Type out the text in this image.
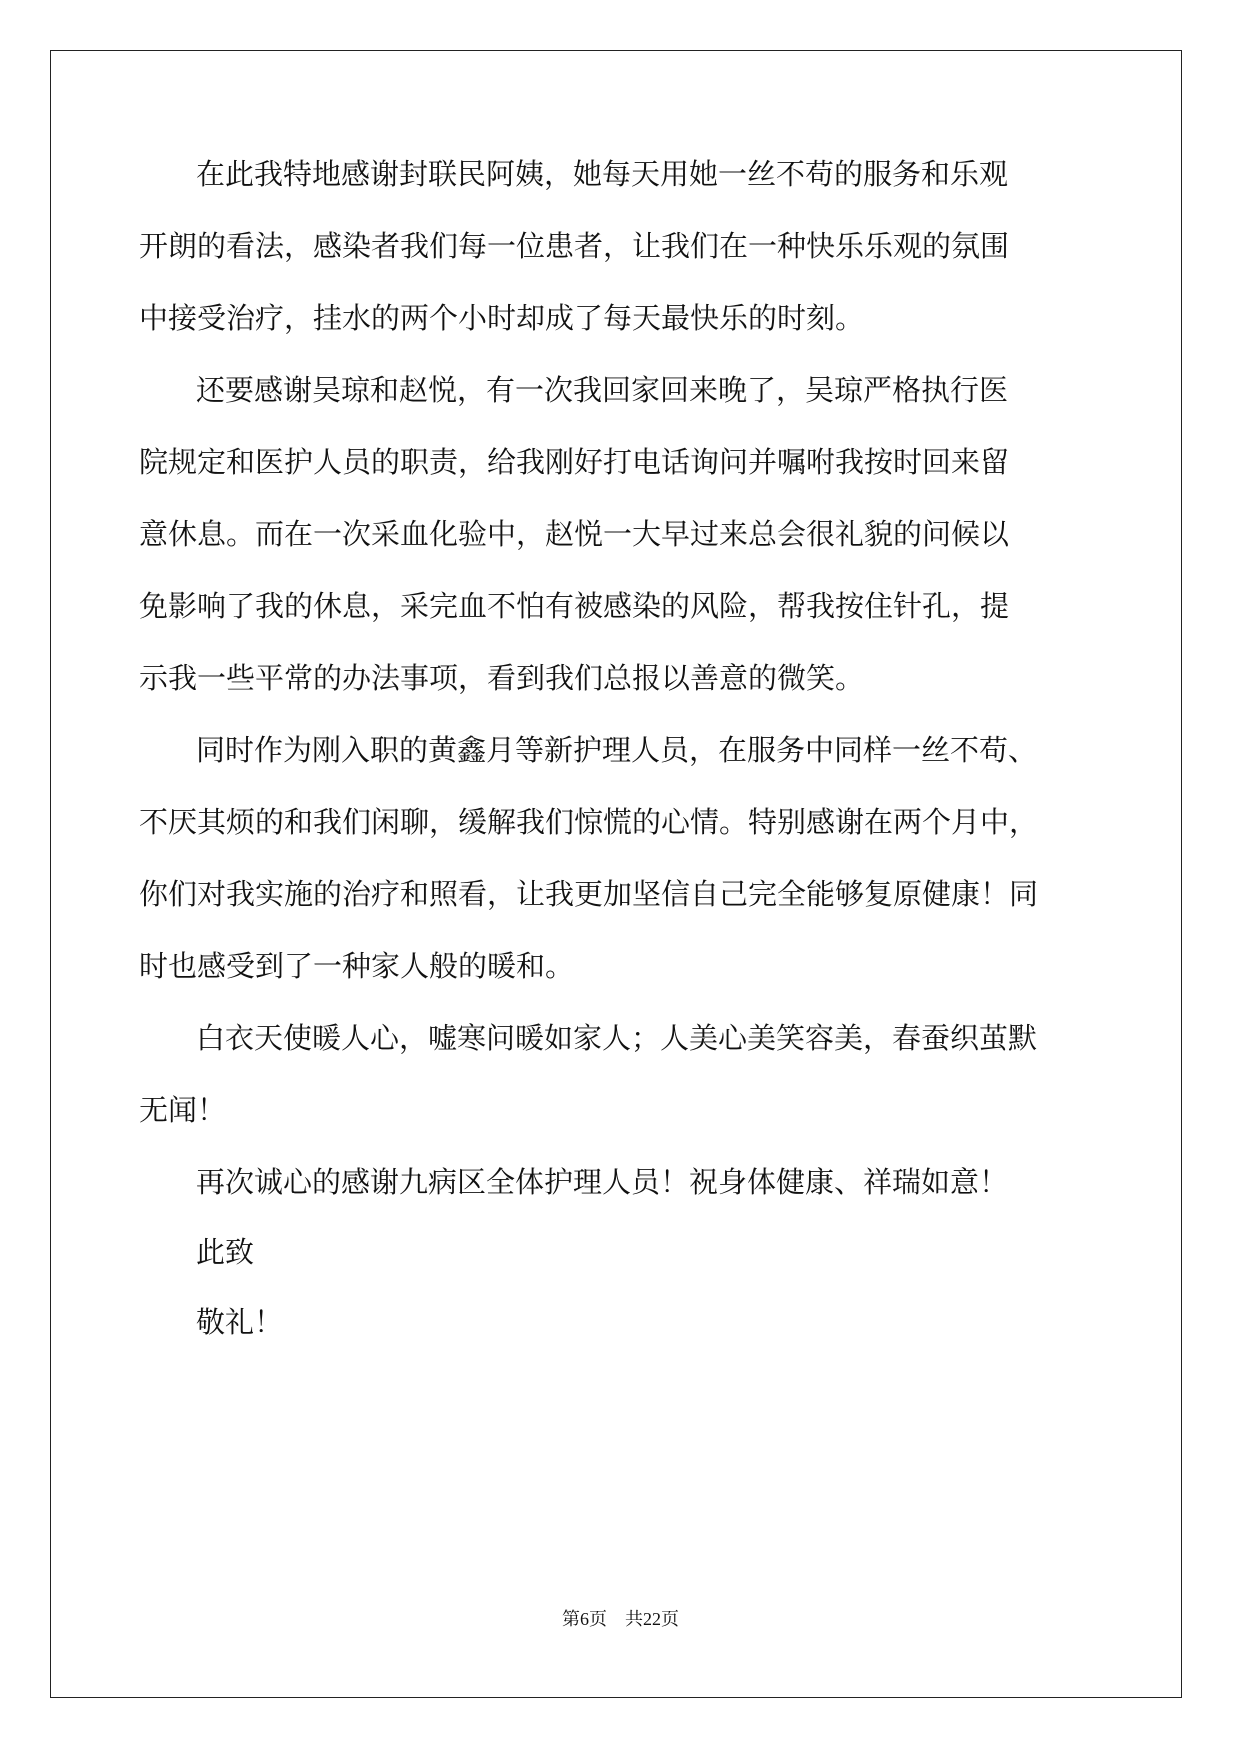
在此我特地感谢封联民阿姨，她每天用她一丝不苟的服务和乐观

开朗的看法，感染者我们每一位患者，让我们在一种快乐乐观的氛围

中接受治疗，挂水的两个小时却成了每天最快乐的时刻。

还要感谢吴琼和赵悦，有一次我回家回来晚了，吴琼严格执行医

院规定和医护人员的职责，给我刚好打电话询问并嘱咐我按时回来留

意休息。而在一次采血化验中，赵悦一大早过来总会很礼貌的问候以

免影响了我的休息，采完血不怕有被感染的风险，帮我按住针孔，提

示我一些平常的办法事项，看到我们总报以善意的微笑。

同时作为刚入职的黄鑫月等新护理人员，在服务中同样一丝不苟、

不厌其烦的和我们闲聊，缓解我们惊慌的心情。特别感谢在两个月中，

你们对我实施的治疗和照看，让我更加坚信自己完全能够复原健康！同

时也感受到了一种家人般的暖和。

白衣天使暖人心，嘘寒问暖如家人；人美心美笑容美，春蚕织茧默

无闻！

再次诚心的感谢九病区全体护理人员！祝身体健康、祥瑞如意！

此致

敬礼！

第6页 共22页
